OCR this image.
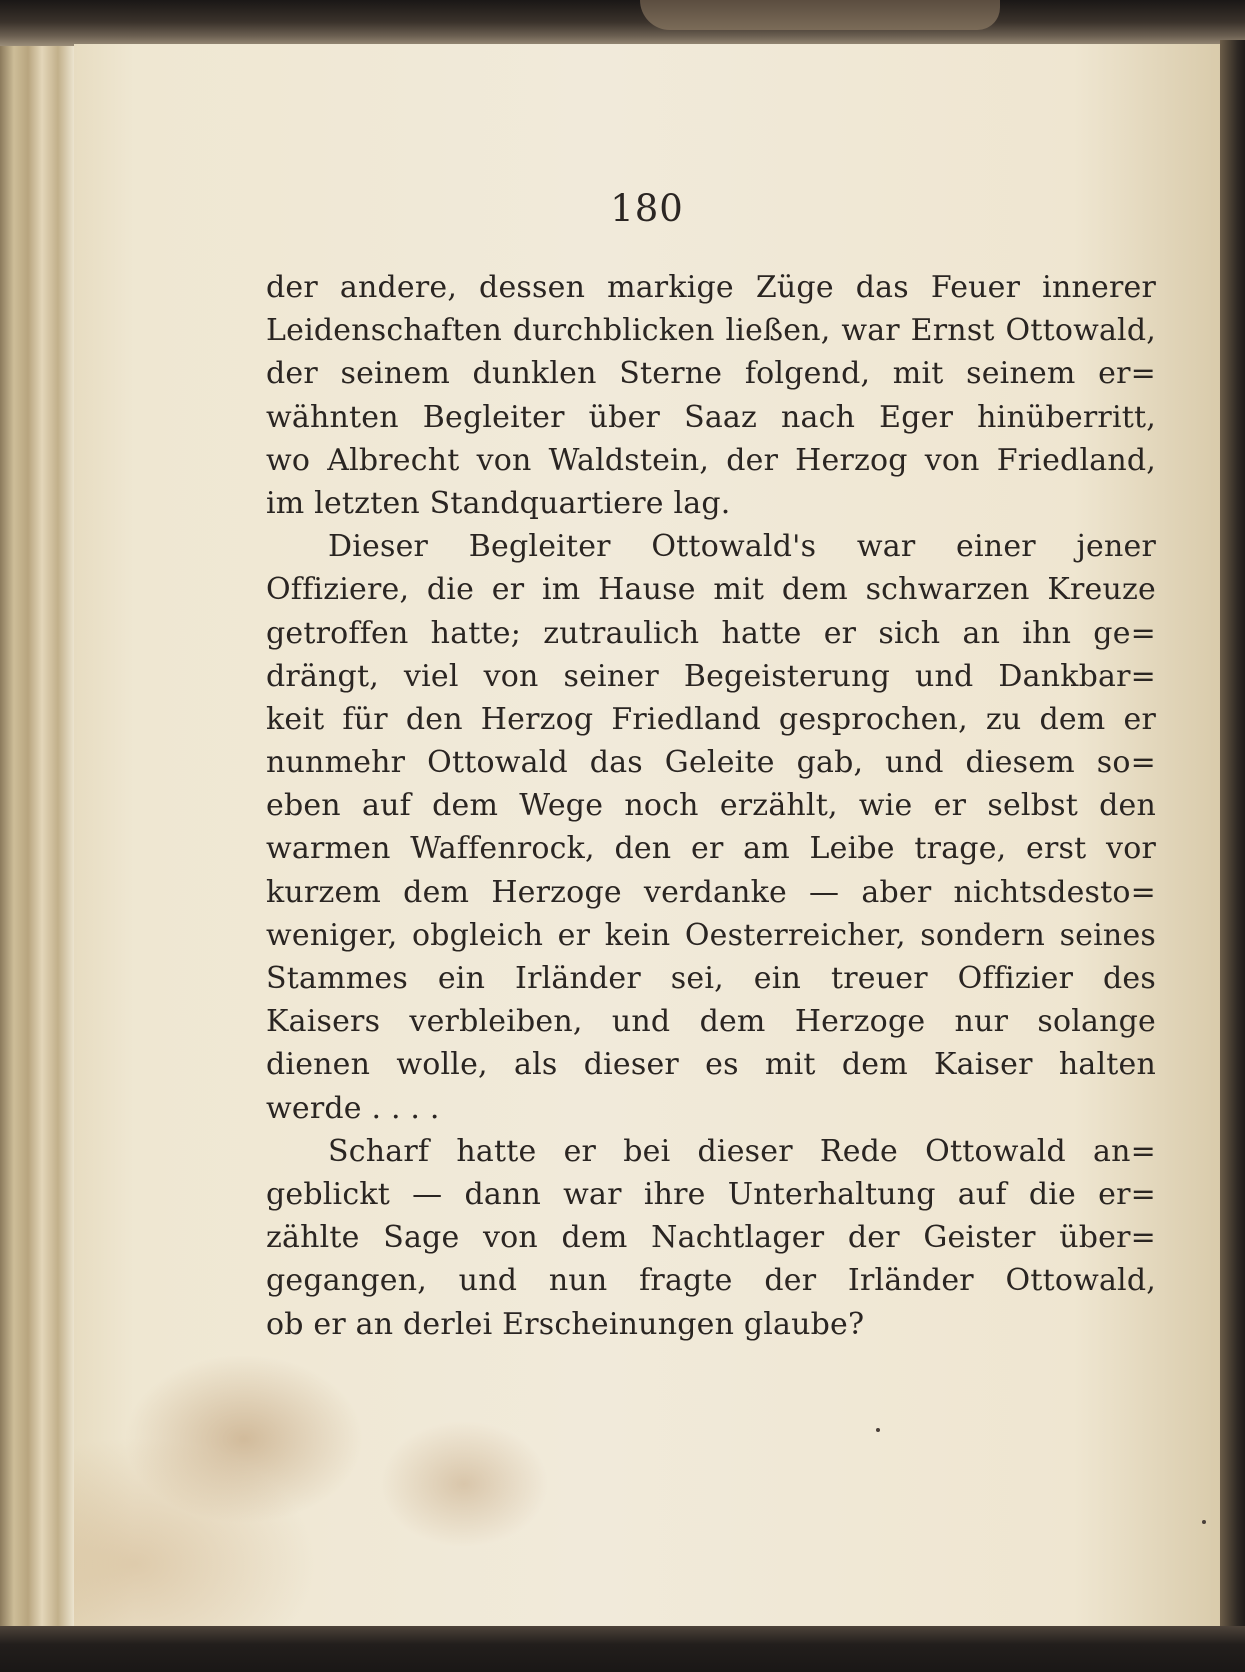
180
der andere, dessen markige Züge das Feuer innerer
Leidenschaften durchblicken ließen, war Ernst Ottowald,
der seinem dunklen Sterne folgend, mit seinem er=
wähnten Begleiter über Saaz nach Eger hinüberritt,
wo Albrecht von Waldstein, der Herzog von Friedland,
im letzten Standquartiere lag.
Dieser Begleiter Ottowald's war einer jener
Offiziere, die er im Hause mit dem schwarzen Kreuze
getroffen hatte; zutraulich hatte er sich an ihn ge=
drängt, viel von seiner Begeisterung und Dankbar=
keit für den Herzog Friedland gesprochen, zu dem er
nunmehr Ottowald das Geleite gab, und diesem so=
eben auf dem Wege noch erzählt, wie er selbst den
warmen Waffenrock, den er am Leibe trage, erst vor
kurzem dem Herzoge verdanke — aber nichtsdesto=
weniger, obgleich er kein Oesterreicher, sondern seines
Stammes ein Irländer sei, ein treuer Offizier des
Kaisers verbleiben, und dem Herzoge nur solange
dienen wolle, als dieser es mit dem Kaiser halten
werde . . . .
Scharf hatte er bei dieser Rede Ottowald an=
geblickt — dann war ihre Unterhaltung auf die er=
zählte Sage von dem Nachtlager der Geister über=
gegangen, und nun fragte der Irländer Ottowald,
ob er an derlei Erscheinungen glaube?
